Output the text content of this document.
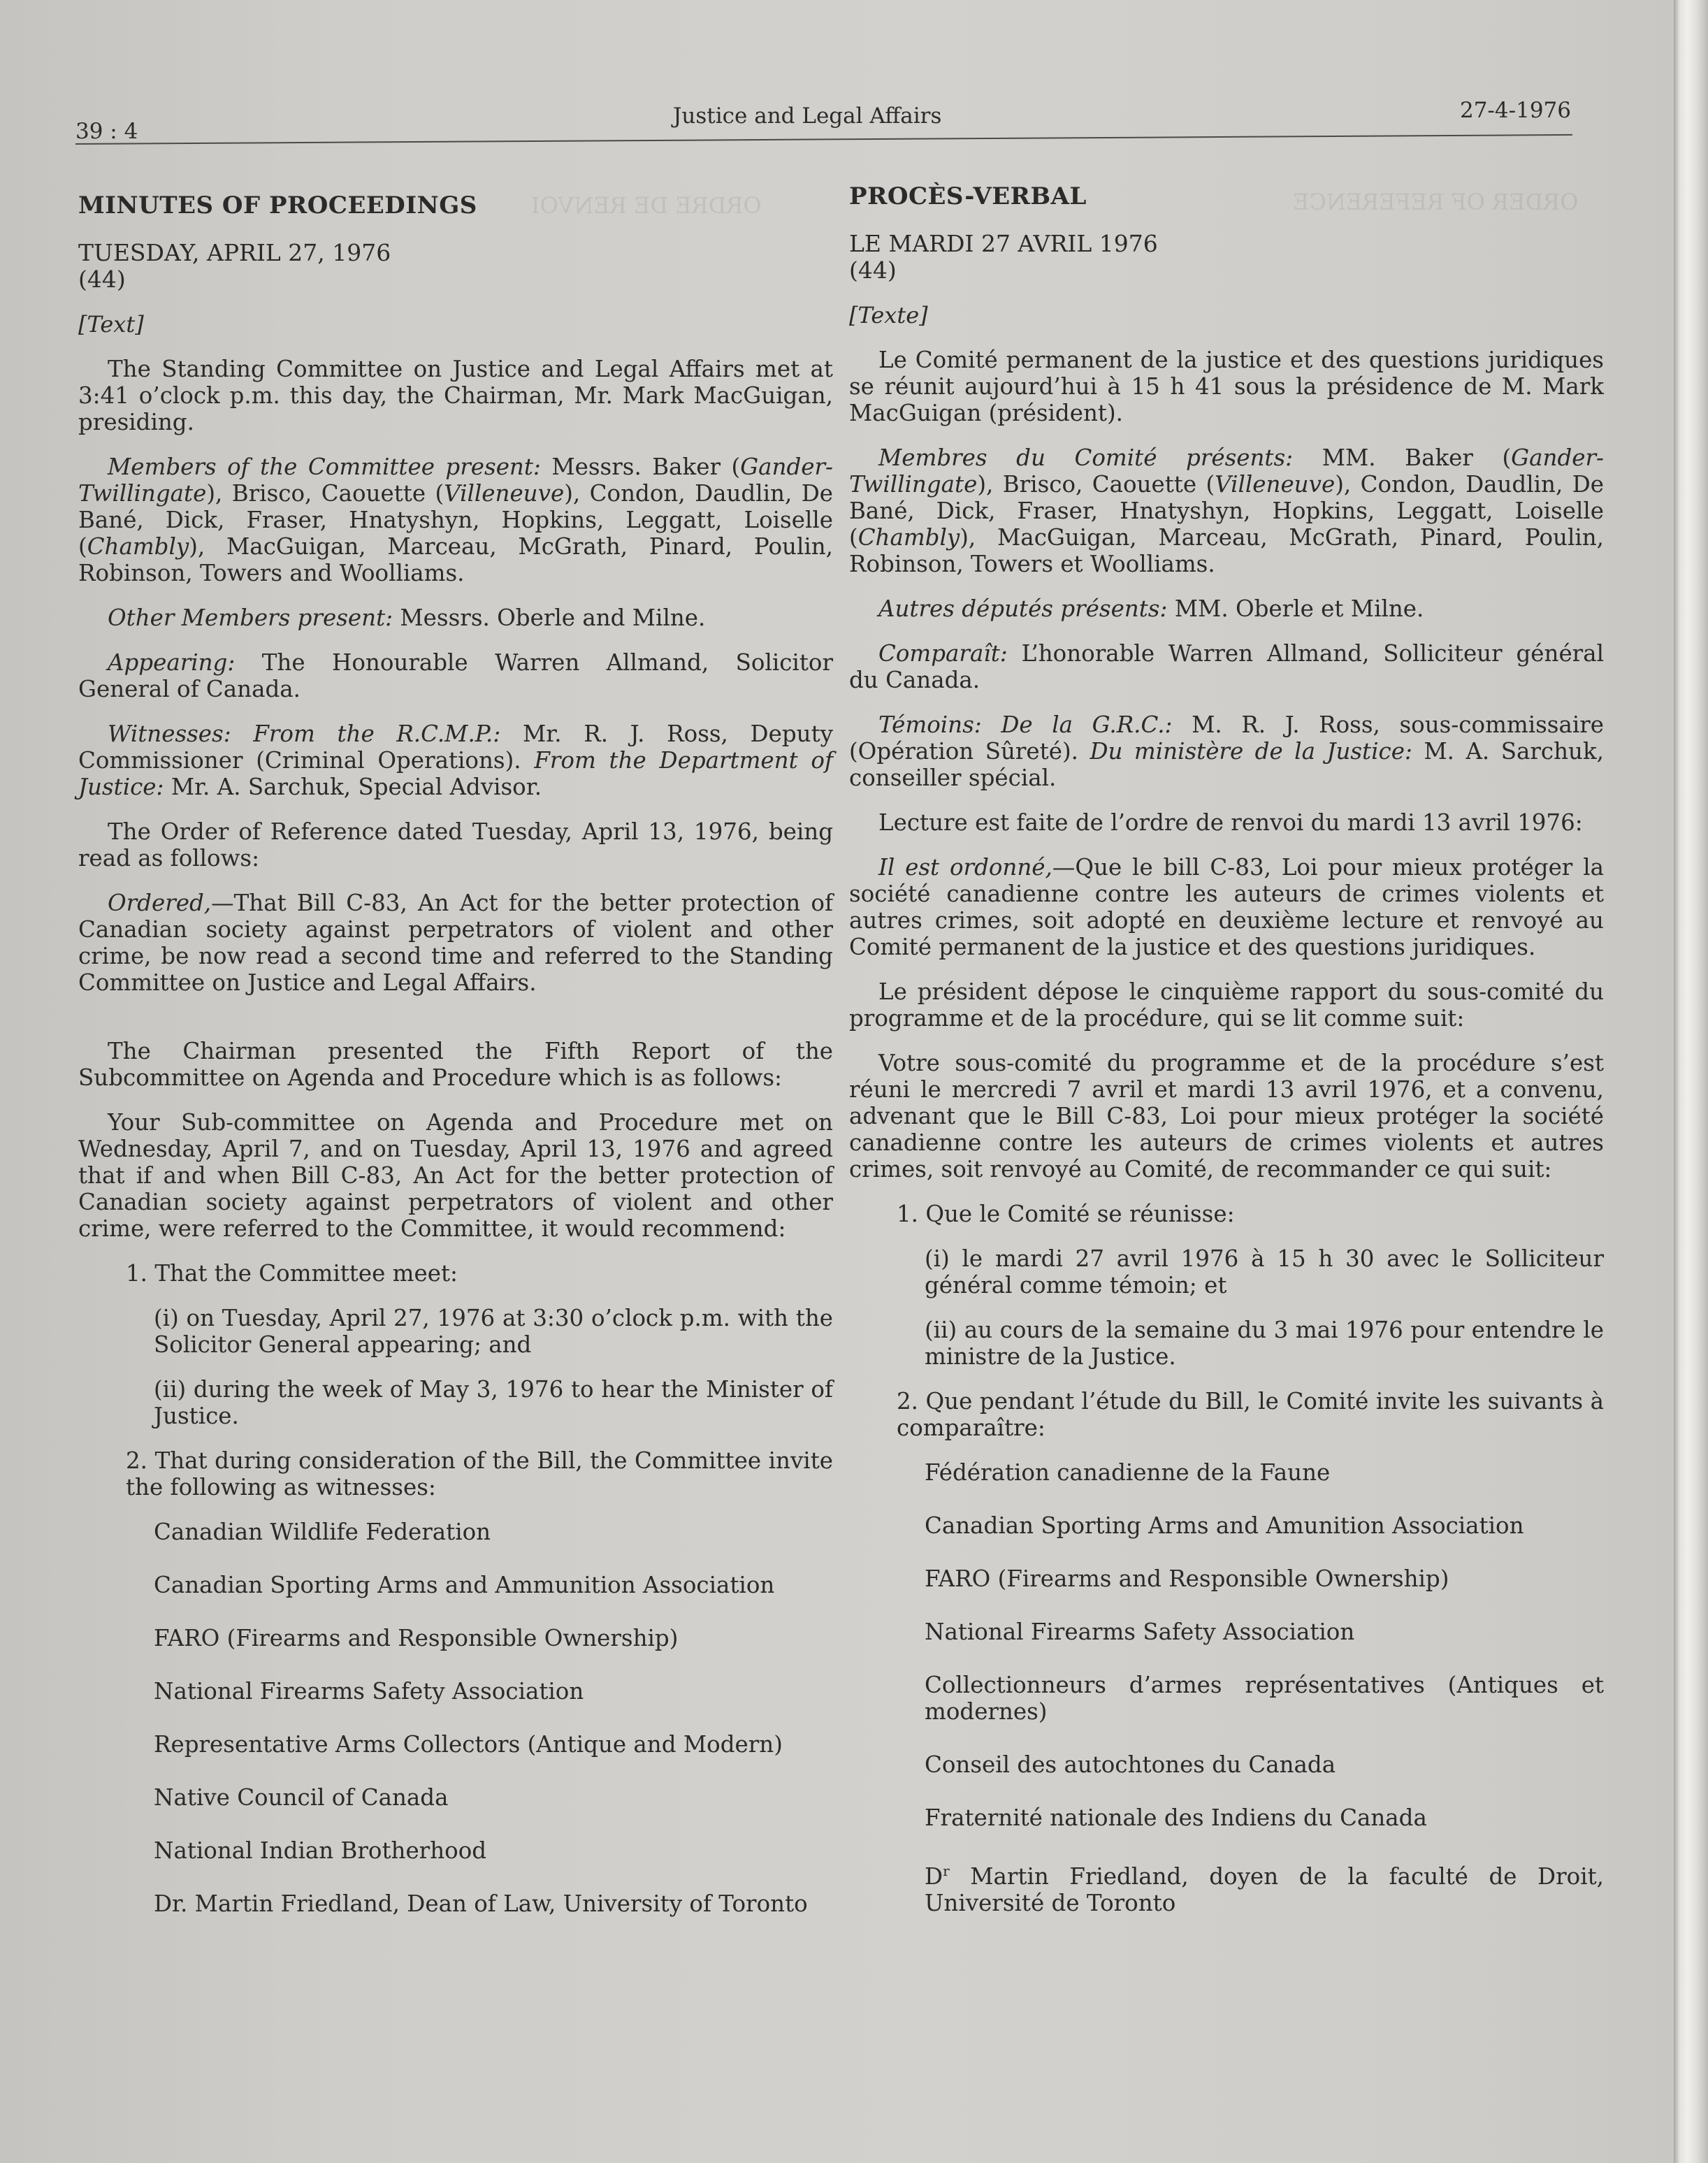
ORDER OF REFERENCE
ORDRE DE RENVOI
39 : 4
Justice and Legal Affairs	27-4-1976
MINUTES OF PROCEEDINGS
TUESDAY, APRIL 27, 1976
(44)
[Text]

The Standing Committee on Justice and Legal Affairs met at 3:41 o’clock p.m. this day, the Chairman, Mr. Mark MacGuigan, presiding.

Members of the Committee present: Messrs. Baker (Gander-Twillingate), Brisco, Caouette (Villeneuve), Condon, Daudlin, De Bané, Dick, Fraser, Hnatyshyn, Hopkins, Leggatt, Loiselle (Chambly), MacGuigan, Marceau, McGrath, Pinard, Poulin, Robinson, Towers and Woolliams.

Other Members present: Messrs. Oberle and Milne.

Appearing: The Honourable Warren Allmand, Solicitor General of Canada.

Witnesses: From the R.C.M.P.: Mr. R. J. Ross, Deputy Commissioner (Criminal Operations). From the Department of Justice: Mr. A. Sarchuk, Special Advisor.

The Order of Reference dated Tuesday, April 13, 1976, being read as follows:

Ordered,—That Bill C-83, An Act for the better protection of Canadian society against perpetrators of violent and other crime, be now read a second time and referred to the Standing Committee on Justice and Legal Affairs.

The Chairman presented the Fifth Report of the Subcommittee on Agenda and Procedure which is as follows:

Your Sub-committee on Agenda and Procedure met on Wednesday, April 7, and on Tuesday, April 13, 1976 and agreed that if and when Bill C-83, An Act for the better protection of Canadian society against perpetrators of violent and other crime, were referred to the Committee, it would recommend:

1. That the Committee meet:
(i) on Tuesday, April 27, 1976 at 3:30 o’clock p.m. with the Solicitor General appearing; and
(ii) during the week of May 3, 1976 to hear the Minister of Justice.
2. That during consideration of the Bill, the Committee invite the following as witnesses:
Canadian Wildlife Federation
Canadian Sporting Arms and Ammunition Association
FARO (Firearms and Responsible Ownership)
National Firearms Safety Association
Representative Arms Collectors (Antique and Modern)
Native Council of Canada
National Indian Brotherhood
Dr. Martin Friedland, Dean of Law, University of Toronto
PROCÈS-VERBAL
LE MARDI 27 AVRIL 1976
(44)
[Texte]

Le Comité permanent de la justice et des questions juridiques se réunit aujourd’hui à 15 h 41 sous la présidence de M. Mark MacGuigan (président).

Membres du Comité présents: MM. Baker (Gander-Twillingate), Brisco, Caouette (Villeneuve), Condon, Daudlin, De Bané, Dick, Fraser, Hnatyshyn, Hopkins, Leggatt, Loiselle (Chambly), MacGuigan, Marceau, McGrath, Pinard, Poulin, Robinson, Towers et Woolliams.

Autres députés présents: MM. Oberle et Milne.

Comparaît: L’honorable Warren Allmand, Solliciteur général du Canada.

Témoins: De la G.R.C.: M. R. J. Ross, sous-commissaire (Opération Sûreté). Du ministère de la Justice: M. A. Sarchuk, conseiller spécial.

Lecture est faite de l’ordre de renvoi du mardi 13 avril 1976:

Il est ordonné,—Que le bill C-83, Loi pour mieux protéger la société canadienne contre les auteurs de crimes violents et autres crimes, soit adopté en deuxième lecture et renvoyé au Comité permanent de la justice et des questions juridiques.

Le président dépose le cinquième rapport du sous-comité du programme et de la procédure, qui se lit comme suit:

Votre sous-comité du programme et de la procédure s’est réuni le mercredi 7 avril et mardi 13 avril 1976, et a convenu, advenant que le Bill C-83, Loi pour mieux protéger la société canadienne contre les auteurs de crimes violents et autres crimes, soit renvoyé au Comité, de recommander ce qui suit:

1. Que le Comité se réunisse:
(i) le mardi 27 avril 1976 à 15 h 30 avec le Solliciteur général comme témoin; et
(ii) au cours de la semaine du 3 mai 1976 pour entendre le ministre de la Justice.
2. Que pendant l’étude du Bill, le Comité invite les suivants à comparaître:
Fédération canadienne de la Faune
Canadian Sporting Arms and Amunition Association
FARO (Firearms and Responsible Ownership)
National Firearms Safety Association
Collectionneurs d’armes représentatives (Antiques et modernes)
Conseil des autochtones du Canada
Fraternité nationale des Indiens du Canada
$D^r$ Martin Friedland, doyen de la faculté de Droit, Université de Toronto
